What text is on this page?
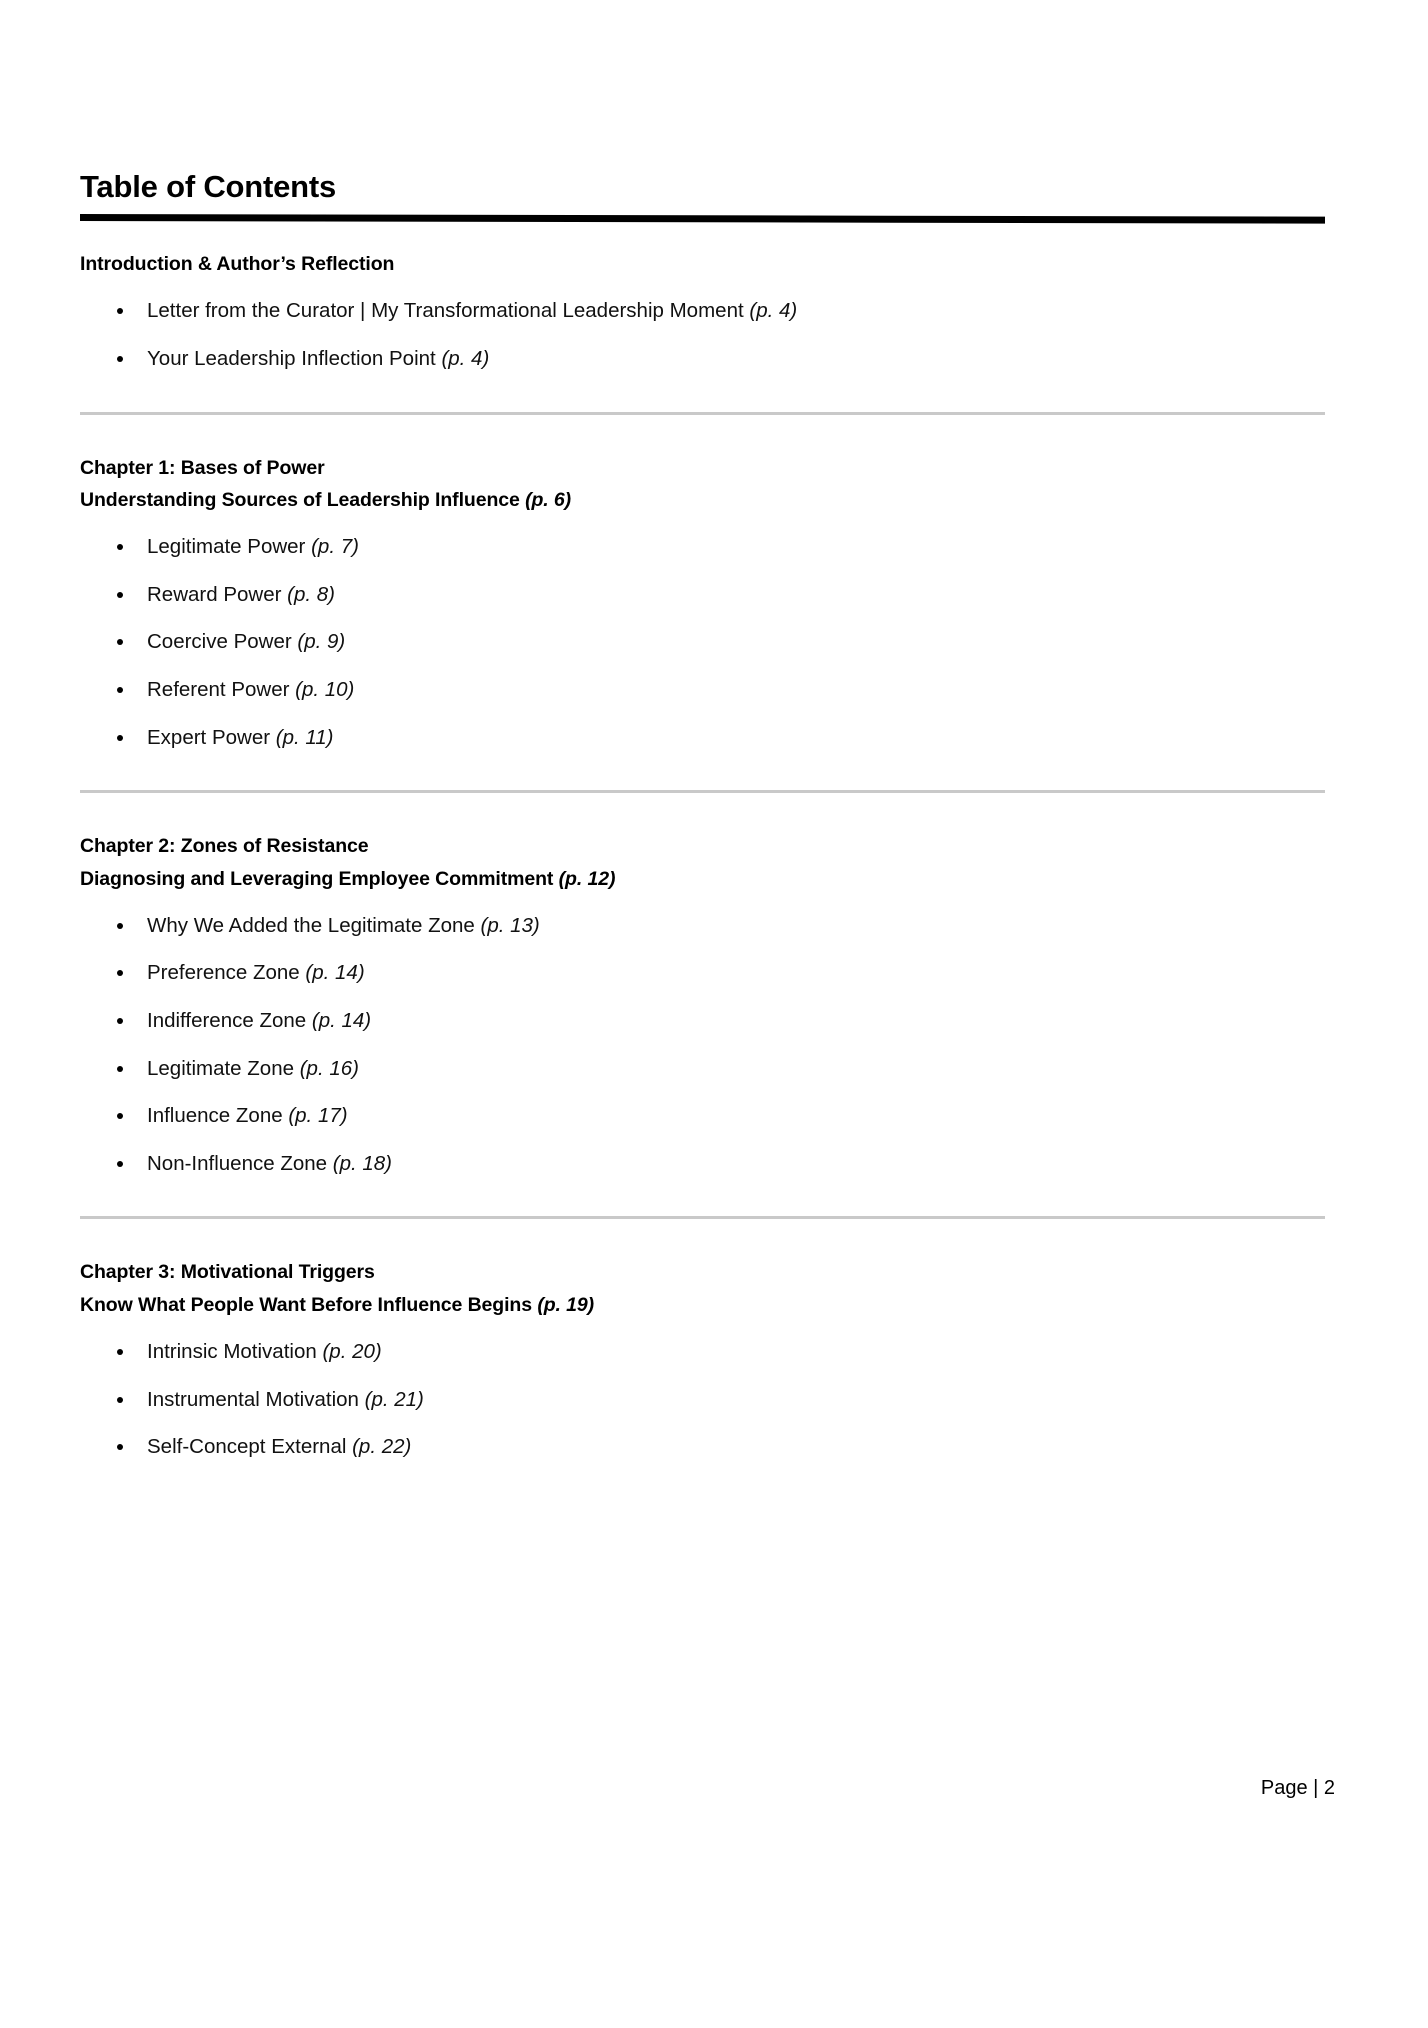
Table of Contents
Introduction & Author’s Reflection
Letter from the Curator | My Transformational Leadership Moment (p. 4)
Your Leadership Inflection Point (p. 4)
Chapter 1: Bases of Power
Understanding Sources of Leadership Influence (p. 6)
Legitimate Power (p. 7)
Reward Power (p. 8)
Coercive Power (p. 9)
Referent Power (p. 10)
Expert Power (p. 11)
Chapter 2: Zones of Resistance
Diagnosing and Leveraging Employee Commitment (p. 12)
Why We Added the Legitimate Zone (p. 13)
Preference Zone (p. 14)
Indifference Zone (p. 14)
Legitimate Zone (p. 16)
Influence Zone (p. 17)
Non-Influence Zone (p. 18)
Chapter 3: Motivational Triggers
Know What People Want Before Influence Begins (p. 19)
Intrinsic Motivation (p. 20)
Instrumental Motivation (p. 21)
Self-Concept External (p. 22)
Page | 2
